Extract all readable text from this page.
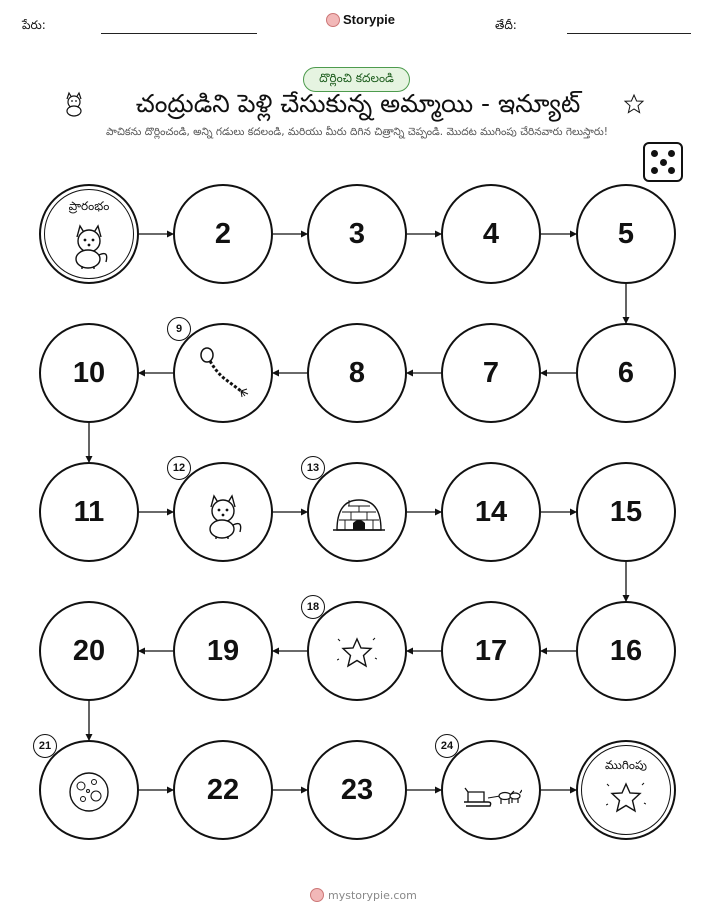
పేరు:	Storypie	తేదీ:
దొర్లించి కదలండి
చంద్రుడిని పెళ్లి చేసుకున్న అమ్మాయి - ఇన్యూట్
పాచికను దొర్లించండి, అన్ని గడులు కదలండి, మరియు మీరు దిగిన చిత్రాన్ని చెప్పండి. మొదట ముగింపు చేరినవారు గెలుస్తారు!
ప్రారంభం
2	3	4	5
6
7
8
9
10
11
12	13
14	15
16
17
18
19
20
21
22	23
24
ముగింపు
mystorypie.com
